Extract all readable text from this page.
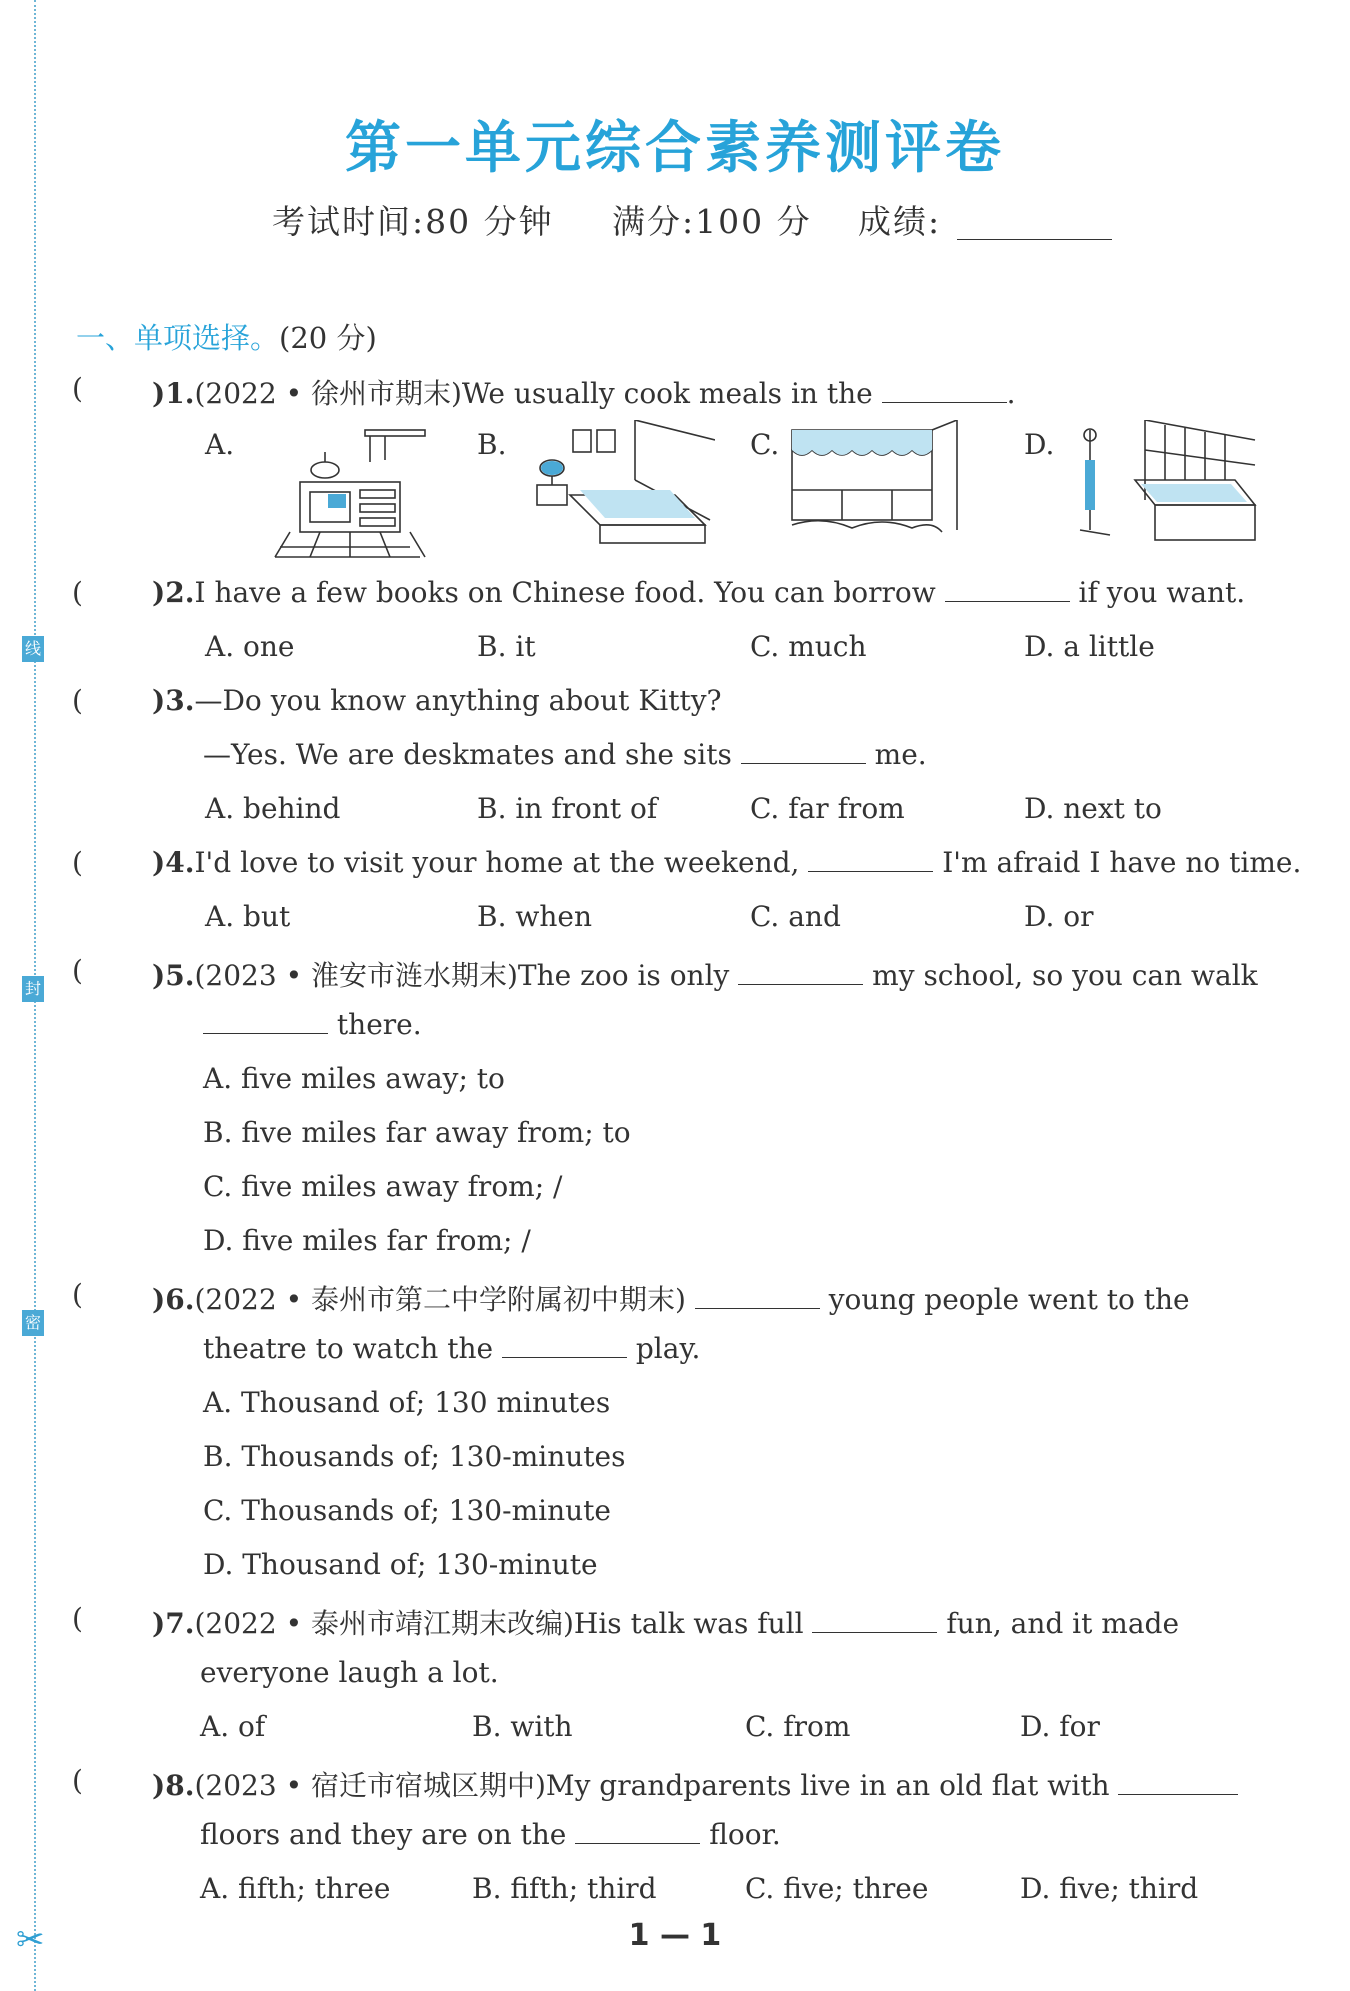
线
封
密
✂
第一单元综合素养测评卷
考试时间:80 分钟 满分:100 分 成绩:
一、单项选择。(20 分)
( )1.(2022 • 徐州市期末)We usually cook meals in the	.
A.	B.	C.	D.
( )2.I have a few books on Chinese food. You can borrow	if you want.
A. one	B. it	C. much	D. a little
( )3.—Do you know anything about Kitty?
—Yes. We are deskmates and she sits	me.
A. behind	B. in front of	C. far from	D. next to
( )4.I'd love to visit your home at the weekend,	I'm afraid I have no time.
A. but	B. when	C. and	D. or
( )5.(2023 • 淮安市涟水期末)The zoo is only	my school, so you can walk
there.
A. five miles away; to
B. five miles far away from; to
C. five miles away from; /
D. five miles far from; /
( )6.(2022 • 泰州市第二中学附属初中期末)	young people went to the
theatre to watch the	play.
A. Thousand of; 130 minutes
B. Thousands of; 130-minutes
C. Thousands of; 130-minute
D. Thousand of; 130-minute
( )7.(2022 • 泰州市靖江期末改编)His talk was full	fun, and it made
everyone laugh a lot.
A. of	B. with	C. from	D. for
( )8.(2023 • 宿迁市宿城区期中)My grandparents live in an old flat with
floors and they are on the	floor.
A. fifth; three	B. fifth; third	C. five; three	D. five; third
1 — 1
